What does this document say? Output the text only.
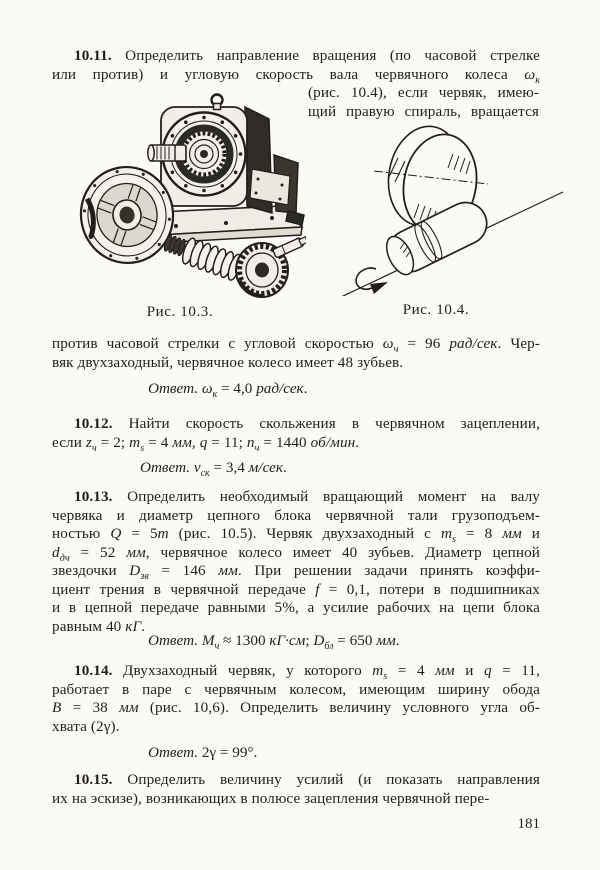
10.11. Определить направление вращения (по часовой стрелке
или против) и угловую скорость вала червячного колеса $\omega_к$
(рис. 10.4), если червяк, имею-
щий правую спираль, вращается
Рис. 10.3.	Рис. 10.4.
против часовой стрелки с угловой скоростью $\omega_ч = 96$ рад/сек. Чер-
вяк двухзаходный, червячное колесо имеет 48 зубьев.
Ответ. $\omega_к = 4,0$ рад/сек.
10.12. Найти скорость скольжения в червячном зацеплении,
если $z_ч = 2$; $m_s = 4$ мм, q = 11; $n_ч = 1440$ об/мин.
Ответ. $v_{ск} = 3,4$ м/сек.
10.13. Определить необходимый вращающий момент на валу
червяка и диаметр цепного блока червячной тали грузоподъем-
ностью Q = 5т (рис. 10.5). Червяк двухзаходный с $m_s = 8$ мм и
$d_{дч} = 52$ мм, червячное колесо имеет 40 зубьев. Диаметр цепной
звездочки $D_{зв} = 146$ мм. При решении задачи принять коэффи-
циент трения в червячной передаче f = 0,1, потери в подшипниках
и в цепной передаче равными 5%, а усилие рабочих на цепи блока
равным 40 кГ.
Ответ. $М_ч \approx 1300$ кГ·см; $D_{бл} = 650$ мм.
10.14. Двухзаходный червяк, у которого $m_s = 4$ мм и q = 11,
работает в паре с червячным колесом, имеющим ширину обода
В = 38 мм (рис. 10,6). Определить величину условного угла об-
хвата (2γ).
Ответ. 2γ = 99°.
10.15. Определить величину усилий (и показать направления
их на эскизе), возникающих в полюсе зацепления червячной пере-
181
